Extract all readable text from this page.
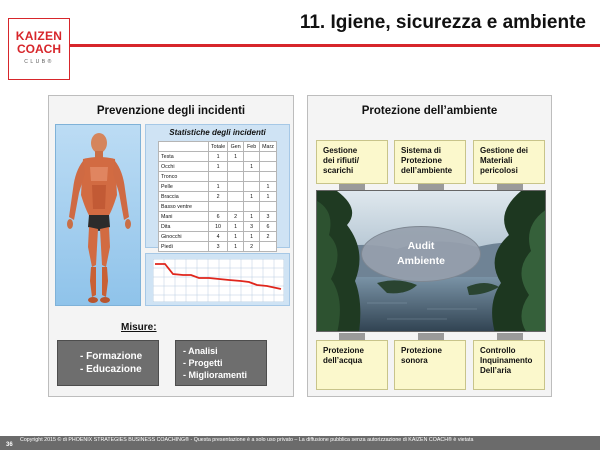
KAIZEN
COACH
CLUB®
11. Igiene, sicurezza e ambiente
Prevenzione degli incidenti
Statistiche degli incidenti
	Totale	Gen	Feb	Marz
Testa	1	1		
Occhi	1		1	
Tronco				
Pelle	1			1
Braccia	2		1	1
Basso ventre				
Mani	6	2	1	3
Dita	10	1	3	6
Ginocchi	4	1	1	2
Piedi	3	1	2	
Misure:
- Formazione
- Educazione
- Analisi
- Progetti
- Miglioramenti
Protezione dell’ambiente
Gestione
dei rifiuti/
scarichi
Sistema di
Protezione
dell’ambiente
Gestione dei
Materiali
pericolosi
Audit
Ambiente
Protezione
dell’acqua
Protezione
sonora
Controllo
Inquinamento
Dell’aria
36
Copyright 2015 © di PHOENIX STRATEGIES BUSINESS COACHING® - Questa presentazione è a solo uso privato – La diffusione pubblica senza autorizzazione di KAIZEN COACH® è vietata
